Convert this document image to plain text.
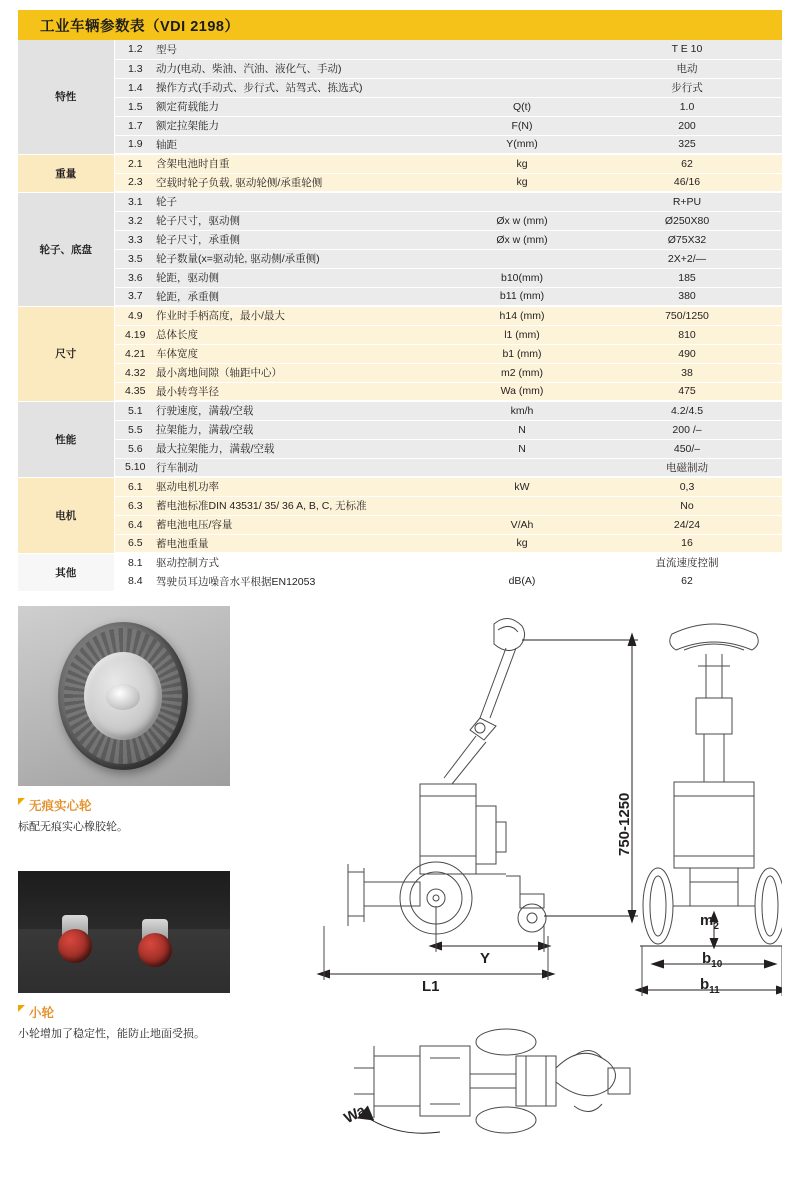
工业车辆参数表（VDI 2198）
特性	1.2	型号		T E 10
	1.3	动力(电动、柴油、汽油、液化气、手动)		电动
	1.4	操作方式(手动式、步行式、站驾式、拣选式)		步行式
	1.5	额定荷载能力	Q(t)	1.0
	1.7	额定拉架能力	F(N)	200
	1.9	轴距	Y(mm)	325
重量	2.1	含架电池时自重	kg	62
	2.3	空载时轮子负载, 驱动轮侧/承重轮侧	kg	46/16
轮子、底盘	3.1	轮子		R+PU
	3.2	轮子尺寸，驱动侧	Øx w (mm)	Ø250X80
	3.3	轮子尺寸，承重侧	Øx w (mm)	Ø75X32
	3.5	轮子数量(x=驱动轮, 驱动侧/承重侧)		2X+2/—
	3.6	轮距，驱动侧	b10(mm)	185
	3.7	轮距，承重侧	b11 (mm)	380
尺寸	4.9	作业时手柄高度，最小/最大	h14 (mm)	750/1250
	4.19	总体长度	l1 (mm)	810
	4.21	车体宽度	b1 (mm)	490
	4.32	最小离地间隙（轴距中心）	m2 (mm)	38
	4.35	最小转弯半径	Wa (mm)	475
性能	5.1	行驶速度，满载/空载	km/h	4.2/4.5
	5.5	拉架能力，满载/空载	N	200 /–
	5.6	最大拉架能力，满载/空载	N	450/–
	5.10	行车制动		电磁制动
电机	6.1	驱动电机功率	kW	0,3
	6.3	蓄电池标准DIN 43531/ 35/ 36 A, B, C, 无标准		No
	6.4	蓄电池电压/容量	V/Ah	24/24
	6.5	蓄电池重量	kg	16
其他	8.1	驱动控制方式		直流速度控制
	8.4	驾驶员耳边噪音水平根据EN12053	dB(A)	62
无痕实心轮
标配无痕实心橡胶轮。
小轮
小轮增加了稳定性，能防止地面受损。
750-1250
Y
L1
$m_2$
$b_{10}$
$b_{11}$
Wa
